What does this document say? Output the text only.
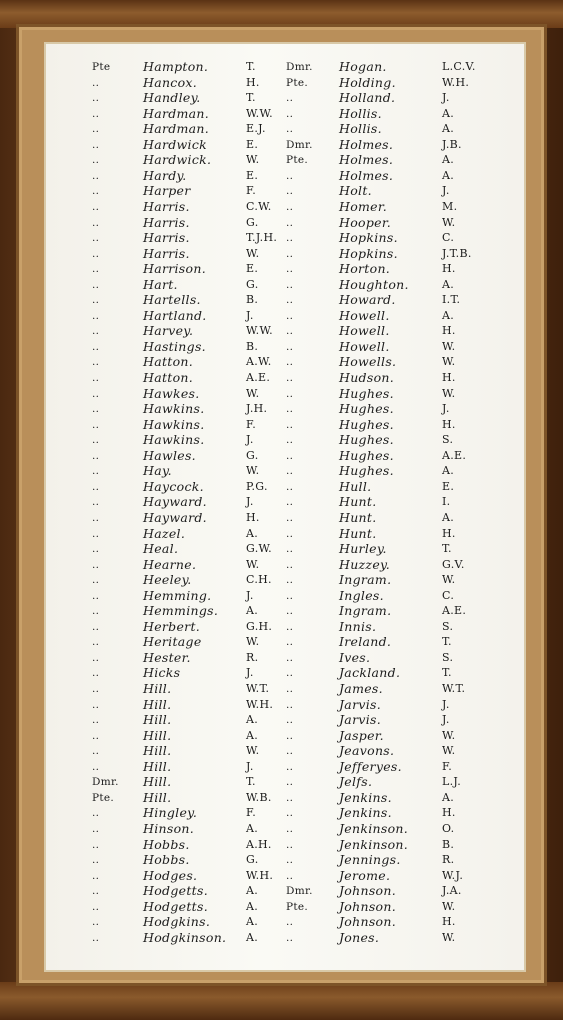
Pte	Hampton.	T.	Dmr.	Hogan.	L.C.V.
..	Hancox.	H.	Pte.	Holding.	W.H.
..	Handley.	T.	..	Holland.	J.
..	Hardman.	W.W. ..	Hollis.	A.
..	Hardman.	E.J. ..	Hollis.	A.
..	Hardwick	E.	Dmr.	Holmes.	J.B.
..	Hardwick.	W.	Pte.	Holmes.	A.
..	Hardy.	E.	..	Holmes.	A.
..	Harper	F.	..	Holt.	J.
..	Harris.	C.W. ..	Homer.	M.
..	Harris.	G.	..	Hooper.	W.
..	Harris.	T.J.H. ..	Hopkins.	C.
..	Harris.	W.	..	Hopkins.	J.T.B.
..	Harrison.	E.	..	Horton.	H.
..	Hart.	G.	..	Houghton.	A.
..	Hartells.	B.	..	Howard.	I.T.
..	Hartland.	J.	..	Howell.	A.
..	Harvey.	W.W. ..	Howell.	H.
..	Hastings.	B.	..	Howell.	W.
..	Hatton.	A.W. ..	Howells.	W.
..	Hatton.	A.E. ..	Hudson.	H.
..	Hawkes.	W.	..	Hughes.	W.
..	Hawkins.	J.H. ..	Hughes.	J.
..	Hawkins.	F.	..	Hughes.	H.
..	Hawkins.	J.	..	Hughes.	S.
..	Hawles.	G.	..	Hughes.	A.E.
..	Hay.	W.	..	Hughes.	A.
..	Haycock.	P.G. ..	Hull.	E.
..	Hayward.	J.	..	Hunt.	I.
..	Hayward.	H.	..	Hunt.	A.
..	Hazel.	A.	..	Hunt.	H.
..	Heal.	G.W. ..	Hurley.	T.
..	Hearne.	W.	..	Huzzey.	G.V.
..	Heeley.	C.H. ..	Ingram.	W.
..	Hemming.	J.	..	Ingles.	C.
..	Hemmings.	A.	..	Ingram.	A.E.
..	Herbert.	G.H. ..	Innis.	S.
..	Heritage	W.	..	Ireland.	T.
..	Hester.	R.	..	Ives.	S.
..	Hicks	J.	..	Jackland.	T.
..	Hill.	W.T. ..	James.	W.T.
..	Hill.	W.H. ..	Jarvis.	J.
..	Hill.	A.	..	Jarvis.	J.
..	Hill.	A.	..	Jasper.	W.
..	Hill.	W.	..	Jeavons.	W.
..	Hill.	J.	..	Jefferyes.	F.
Dmr.	Hill.	T.	..	Jelfs.	L.J.
Pte.	Hill.	W.B. ..	Jenkins.	A.
..	Hingley.	F.	..	Jenkins.	H.
..	Hinson.	A.	..	Jenkinson.	O.
..	Hobbs.	A.H. ..	Jenkinson.	B.
..	Hobbs.	G.	..	Jennings.	R.
..	Hodges.	W.H. ..	Jerome.	W.J.
..	Hodgetts.	A.	Dmr.	Johnson.	J.A.
..	Hodgetts.	A.	Pte.	Johnson.	W.
..	Hodgkins.	A.	..	Johnson.	H.
..	Hodgkinson. A.	..	Jones.	W.
